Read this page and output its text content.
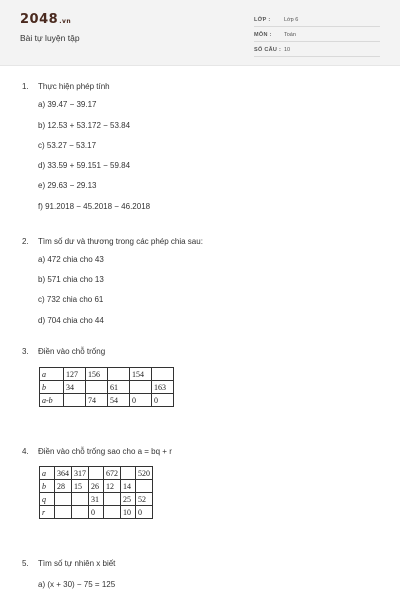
2048.vn
Bài tự luyện tập
LỚP : Lớp 6
MÔN : Toán
SỐ CÂU : 10
1. Thực hiện phép tính
a) 39.47 − 39.17
b) 12.53 + 53.172 − 53.84
c) 53.27 − 53.17
d) 33.59 + 59.151 − 59.84
e) 29.63 − 29.13
f) 91.2018 − 45.2018 − 46.2018
2. Tìm số dư và thương trong các phép chia sau:
a) 472 chia cho 43
b) 571 chia cho 13
c) 732 chia cho 61
d) 704 chia cho 44
3. Điền vào chỗ trống
a	127	156		154	
b	34		61		163
a-b		74	54	0	0
4. Điền vào chỗ trống sao cho a = bq + r
a	364	317		672		520
b	28	15	26	12	14	
q			31		25	52
r			0		10	0
5. Tìm số tự nhiên x biết
a) (x + 30) − 75 = 125
